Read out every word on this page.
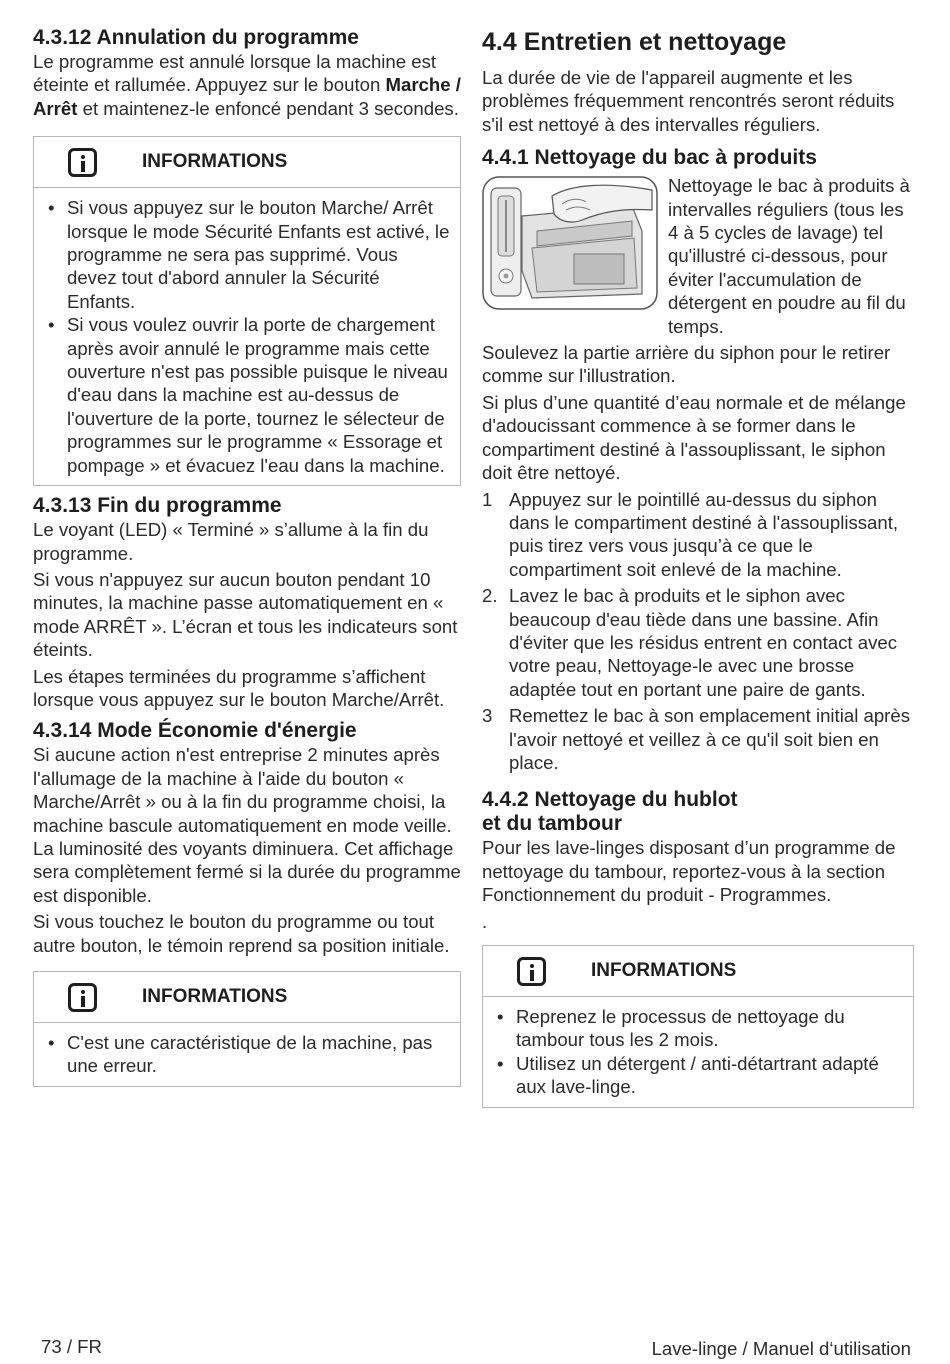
4.3.12 Annulation du programme

Le programme est annulé lorsque la machine est éteinte et rallumée. Appuyez sur le bouton Marche / Arrêt et maintenez-le enfoncé pendant 3 secondes.

INFORMATIONS
• Si vous appuyez sur le bouton Marche/ Arrêt lorsque le mode Sécurité Enfants est activé, le programme ne sera pas supprimé. Vous devez tout d'abord annuler la Sécurité Enfants.
• Si vous voulez ouvrir la porte de chargement après avoir annulé le programme mais cette ouverture n'est pas possible puisque le niveau d'eau dans la machine est au-dessus de l'ouverture de la porte, tournez le sélecteur de programmes sur le programme « Essorage et pompage » et évacuez l'eau dans la machine.
4.3.13 Fin du programme

Le voyant (LED) « Terminé » s’allume à la fin du programme.

Si vous n'appuyez sur aucun bouton pendant 10 minutes, la machine passe automatiquement en « mode ARRÊT ». L’écran et tous les indicateurs sont éteints.

Les étapes terminées du programme s’affichent lorsque vous appuyez sur le bouton Marche/Arrêt.

4.3.14 Mode Économie d'énergie

Si aucune action n'est entreprise 2 minutes après l'allumage de la machine à l'aide du bouton « Marche/Arrêt » ou à la fin du programme choisi, la machine bascule automatiquement en mode veille. La luminosité des voyants diminuera. Cet affichage sera complètement fermé si la durée du programme est disponible.

Si vous touchez le bouton du programme ou tout autre bouton, le témoin reprend sa position initiale.

INFORMATIONS
• C'est une caractéristique de la machine, pas une erreur.
4.4 Entretien et nettoyage

La durée de vie de l'appareil augmente et les problèmes fréquemment rencontrés seront réduits s'il est nettoyé à des intervalles réguliers.

4.4.1 Nettoyage du bac à produits

Nettoyage le bac à produits à intervalles réguliers (tous les 4 à 5 cycles de lavage) tel qu'illustré ci-dessous, pour éviter l'accumulation de détergent en poudre au fil du temps.

Soulevez la partie arrière du siphon pour le retirer comme sur l'illustration.

Si plus d’une quantité d’eau normale et de mélange d'adoucissant commence à se former dans le compartiment destiné à l'assouplissant, le siphon doit être nettoyé.

1 Appuyez sur le pointillé au-dessus du siphon dans le compartiment destiné à l'assouplissant, puis tirez vers vous jusqu’à ce que le compartiment soit enlevé de la machine.
2. Lavez le bac à produits et le siphon avec beaucoup d'eau tiède dans une bassine. Afin d'éviter que les résidus entrent en contact avec votre peau, Nettoyage-le avec une brosse adaptée tout en portant une paire de gants.
3 Remettez le bac à son emplacement initial après l'avoir nettoyé et veillez à ce qu'il soit bien en place.
4.4.2 Nettoyage du hublot
et du tambour

Pour les lave-linges disposant d’un programme de nettoyage du tambour, reportez-vous à la section Fonctionnement du produit - Programmes.

.

INFORMATIONS
• Reprenez le processus de nettoyage du tambour tous les 2 mois.
• Utilisez un détergent / anti-détartrant adapté aux lave-linge.
73 / FR	Lave-linge / Manuel d‘utilisation
